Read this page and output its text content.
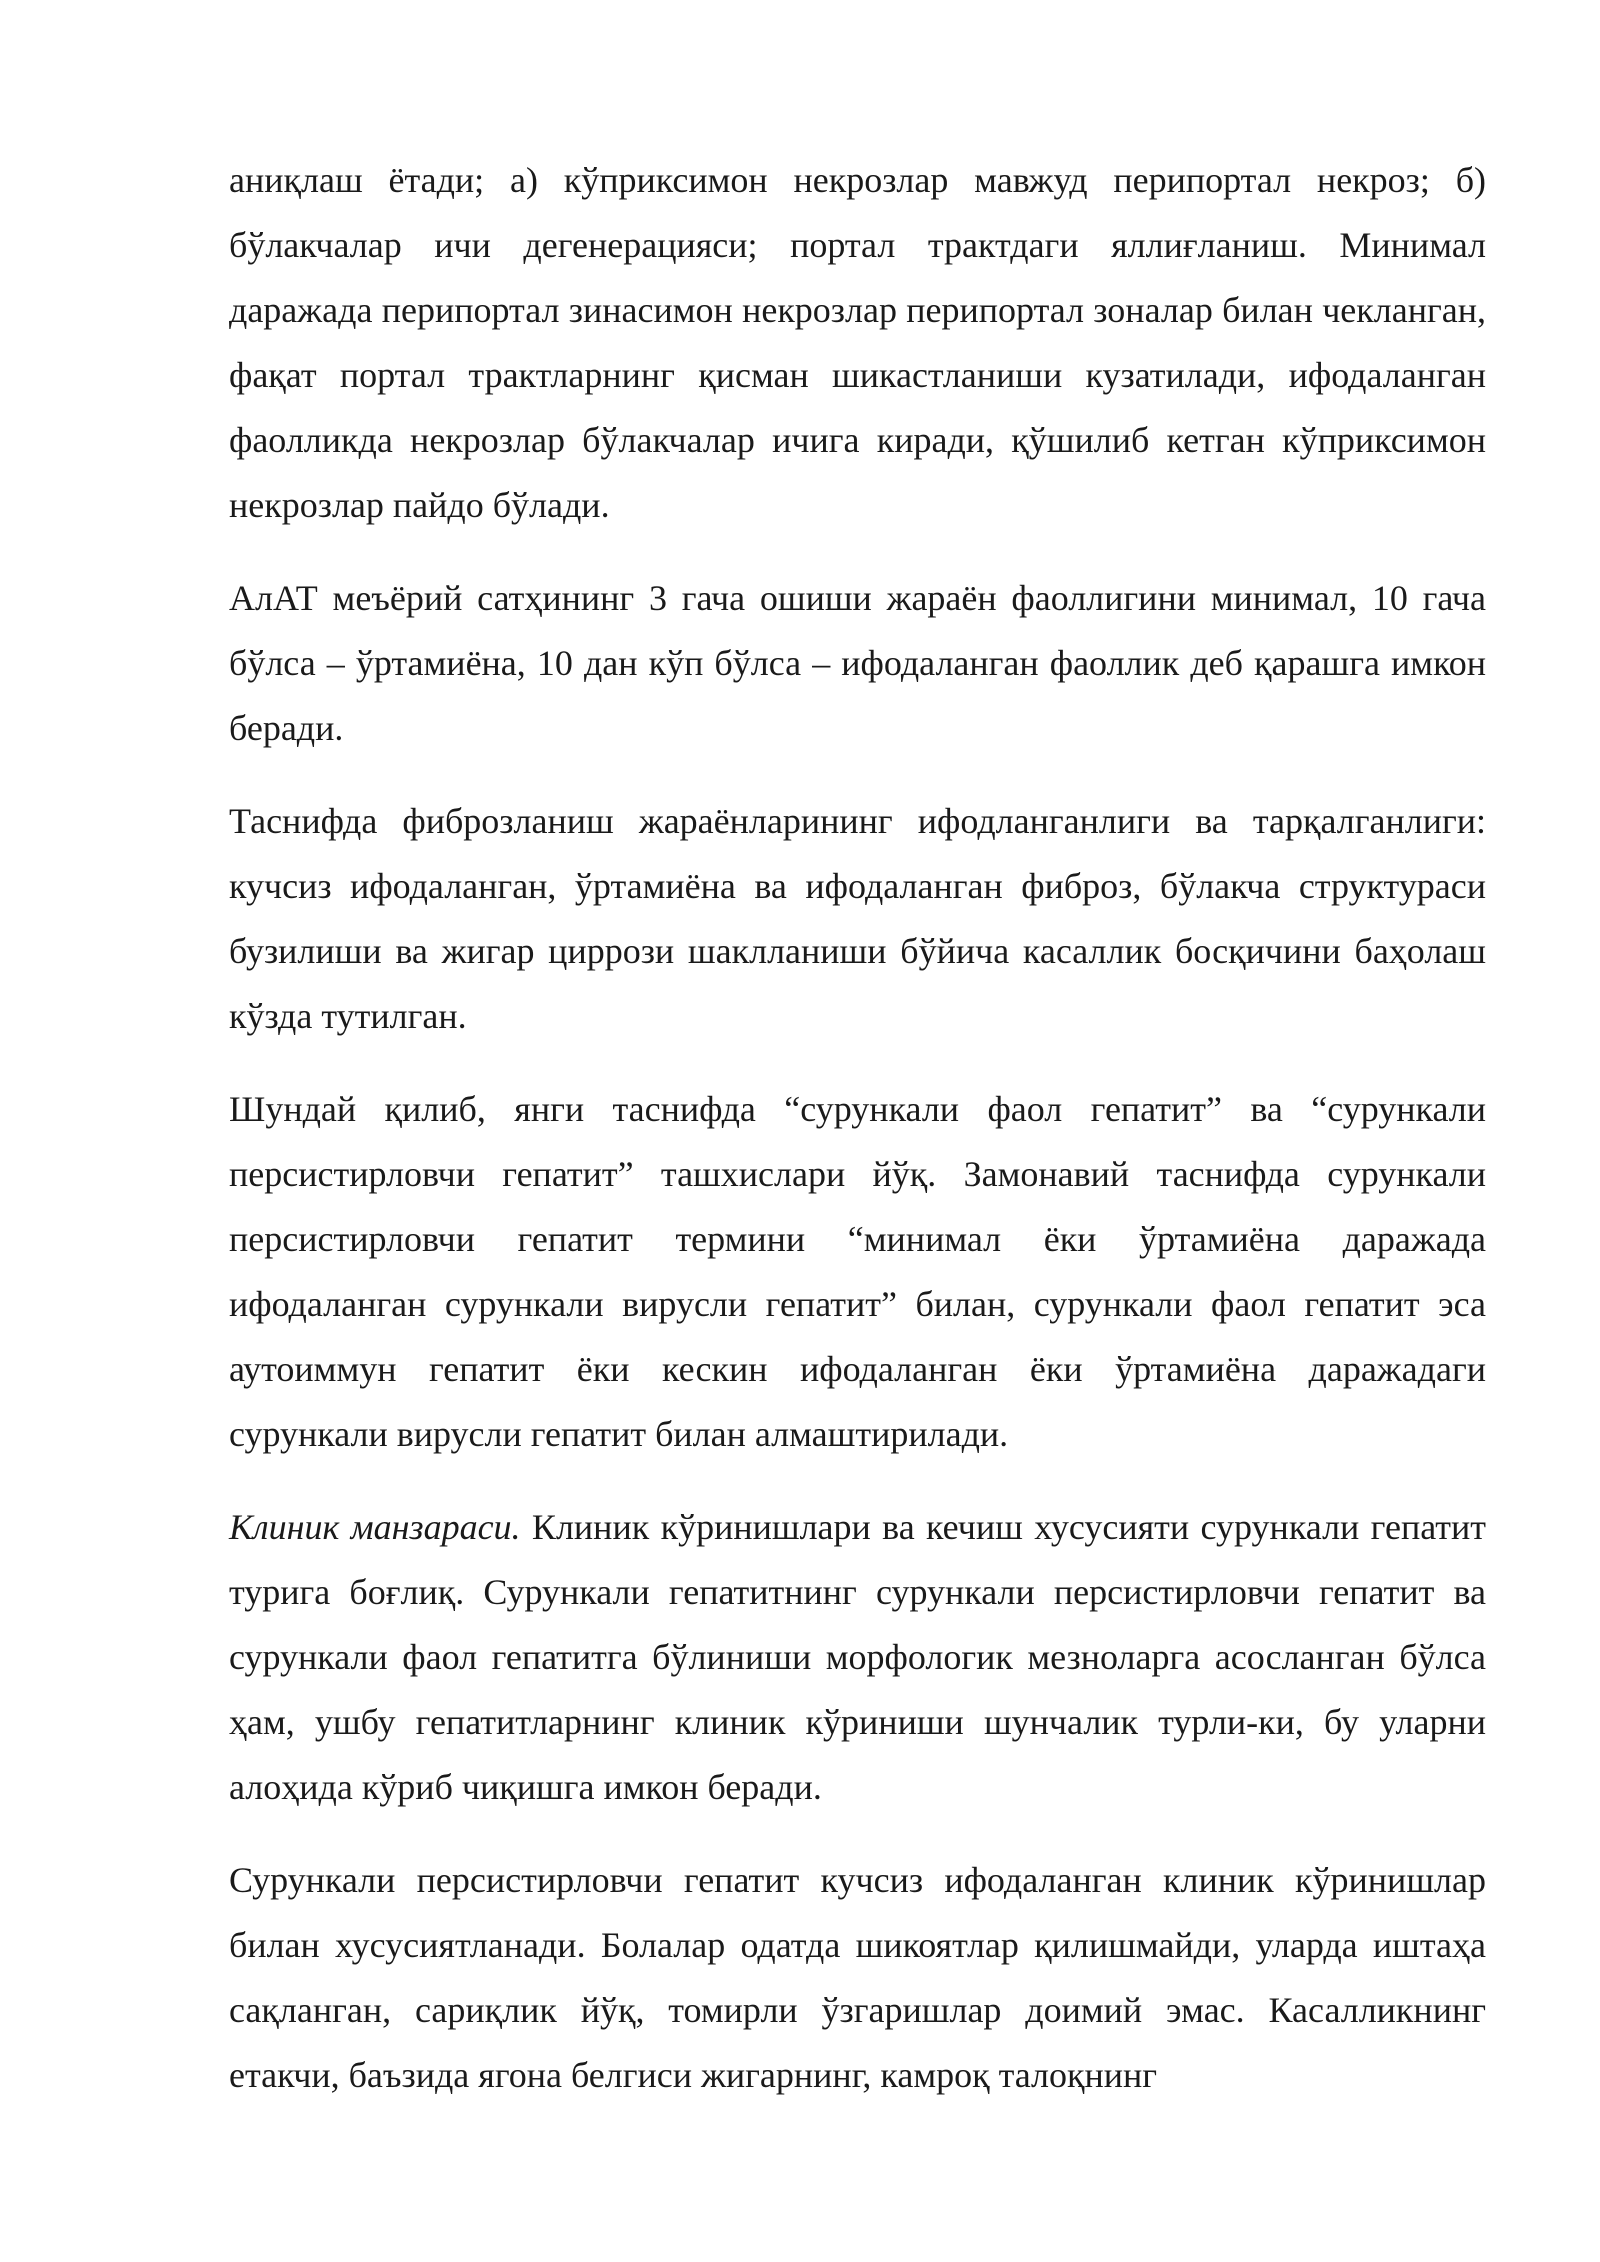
аниқлаш ётади; а) кўприксимон некрозлар мавжуд перипортал некроз; б) бўлакчалар ичи дегенерацияси; портал трактдаги яллиғланиш. Минимал даражада перипортал зинасимон некрозлар перипортал зоналар билан чекланган, фақат портал трактларнинг қисман шикастланиши кузатилади, ифодаланган фаолликда некрозлар бўлакчалар ичига киради, қўшилиб кетган кўприксимон некрозлар пайдо бўлади.

АлАТ меъёрий сатҳининг 3 гача ошиши жараён фаоллигини минимал, 10 гача бўлса – ўртамиёна, 10 дан кўп бўлса – ифодаланган фаоллик деб қарашга имкон беради.

Таснифда фиброзланиш жараёнларининг ифодланганлиги ва тарқалганлиги: кучсиз ифодаланган, ўртамиёна ва ифодаланган фиброз, бўлакча структураси бузилиши ва жигар циррози шаклланиши бўйича касаллик босқичини баҳолаш кўзда тутилган.

Шундай қилиб, янги таснифда “сурункали фаол гепатит” ва “сурункали персистирловчи гепатит” ташхислари йўқ. Замонавий таснифда сурункали персистирловчи гепатит термини “минимал ёки ўртамиёна даражада ифодаланган сурункали вирусли гепатит” билан, сурункали фаол гепатит эса аутоиммун гепатит ёки кескин ифодаланган ёки ўртамиёна даражадаги сурункали вирусли гепатит билан алмаштирилади.

Клиник манзараси. Клиник кўринишлари ва кечиш хусусияти сурункали гепатит турига боғлиқ. Сурункали гепатитнинг сурункали персистирловчи гепатит ва сурункали фаол гепатитга бўлиниши морфологик мезноларга асосланган бўлса ҳам, ушбу гепатитларнинг клиник кўриниши шунчалик турли-ки, бу уларни алоҳида кўриб чиқишга имкон беради.

Сурункали персистирловчи гепатит кучсиз ифодаланган клиник кўринишлар билан хусусиятланади. Болалар одатда шикоятлар қилишмайди, уларда иштаҳа сақланган, сариқлик йўқ, томирли ўзгаришлар доимий эмас. Касалликнинг етакчи, баъзида ягона белгиси жигарнинг, камроқ талоқнинг
